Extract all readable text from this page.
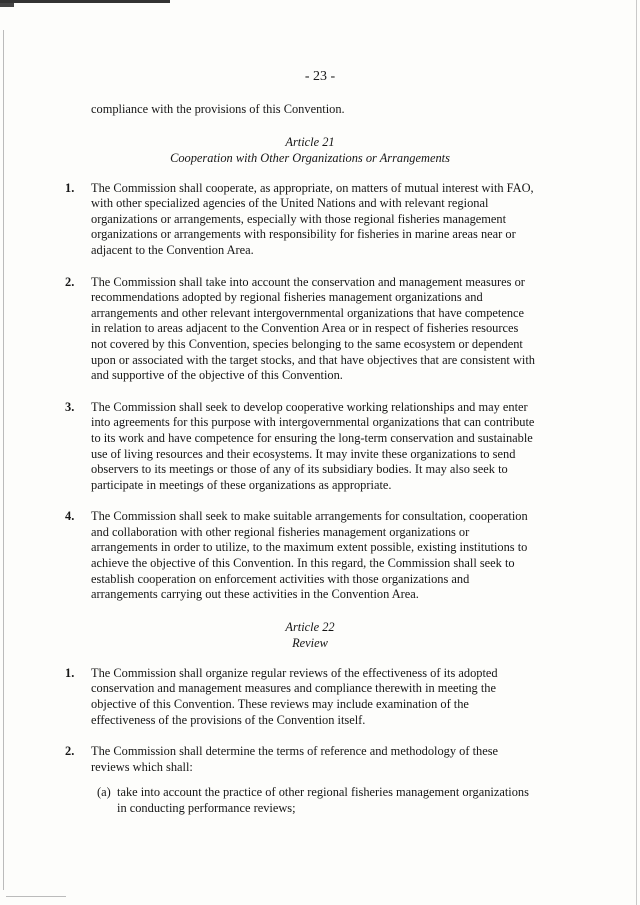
- 23 -

compliance with the provisions of this Convention.

Article 21
Cooperation with Other Organizations or Arrangements
1.	The Commission shall cooperate, as appropriate, on matters of mutual interest with FAO, with other specialized agencies of the United Nations and with relevant regional organizations or arrangements, especially with those regional fisheries management organizations or arrangements with responsibility for fisheries in marine areas near or adjacent to the Convention Area.
2.	The Commission shall take into account the conservation and management measures or recommendations adopted by regional fisheries management organizations and arrangements and other relevant intergovernmental organizations that have competence in relation to areas adjacent to the Convention Area or in respect of fisheries resources not covered by this Convention, species belonging to the same ecosystem or dependent upon or associated with the target stocks, and that have objectives that are consistent with and supportive of the objective of this Convention.
3.	The Commission shall seek to develop cooperative working relationships and may enter into agreements for this purpose with intergovernmental organizations that can contribute to its work and have competence for ensuring the long-term conservation and sustainable use of living resources and their ecosystems. It may invite these organizations to send observers to its meetings or those of any of its subsidiary bodies. It may also seek to participate in meetings of these organizations as appropriate.
4.	The Commission shall seek to make suitable arrangements for consultation, cooperation and collaboration with other regional fisheries management organizations or arrangements in order to utilize, to the maximum extent possible, existing institutions to achieve the objective of this Convention. In this regard, the Commission shall seek to establish cooperation on enforcement activities with those organizations and arrangements carrying out these activities in the Convention Area.
Article 22
Review
1.	The Commission shall organize regular reviews of the effectiveness of its adopted conservation and management measures and compliance therewith in meeting the objective of this Convention. These reviews may include examination of the effectiveness of the provisions of the Convention itself.
2.	The Commission shall determine the terms of reference and methodology of these reviews which shall:
(a) take into account the practice of other regional fisheries management organizations in conducting performance reviews;
